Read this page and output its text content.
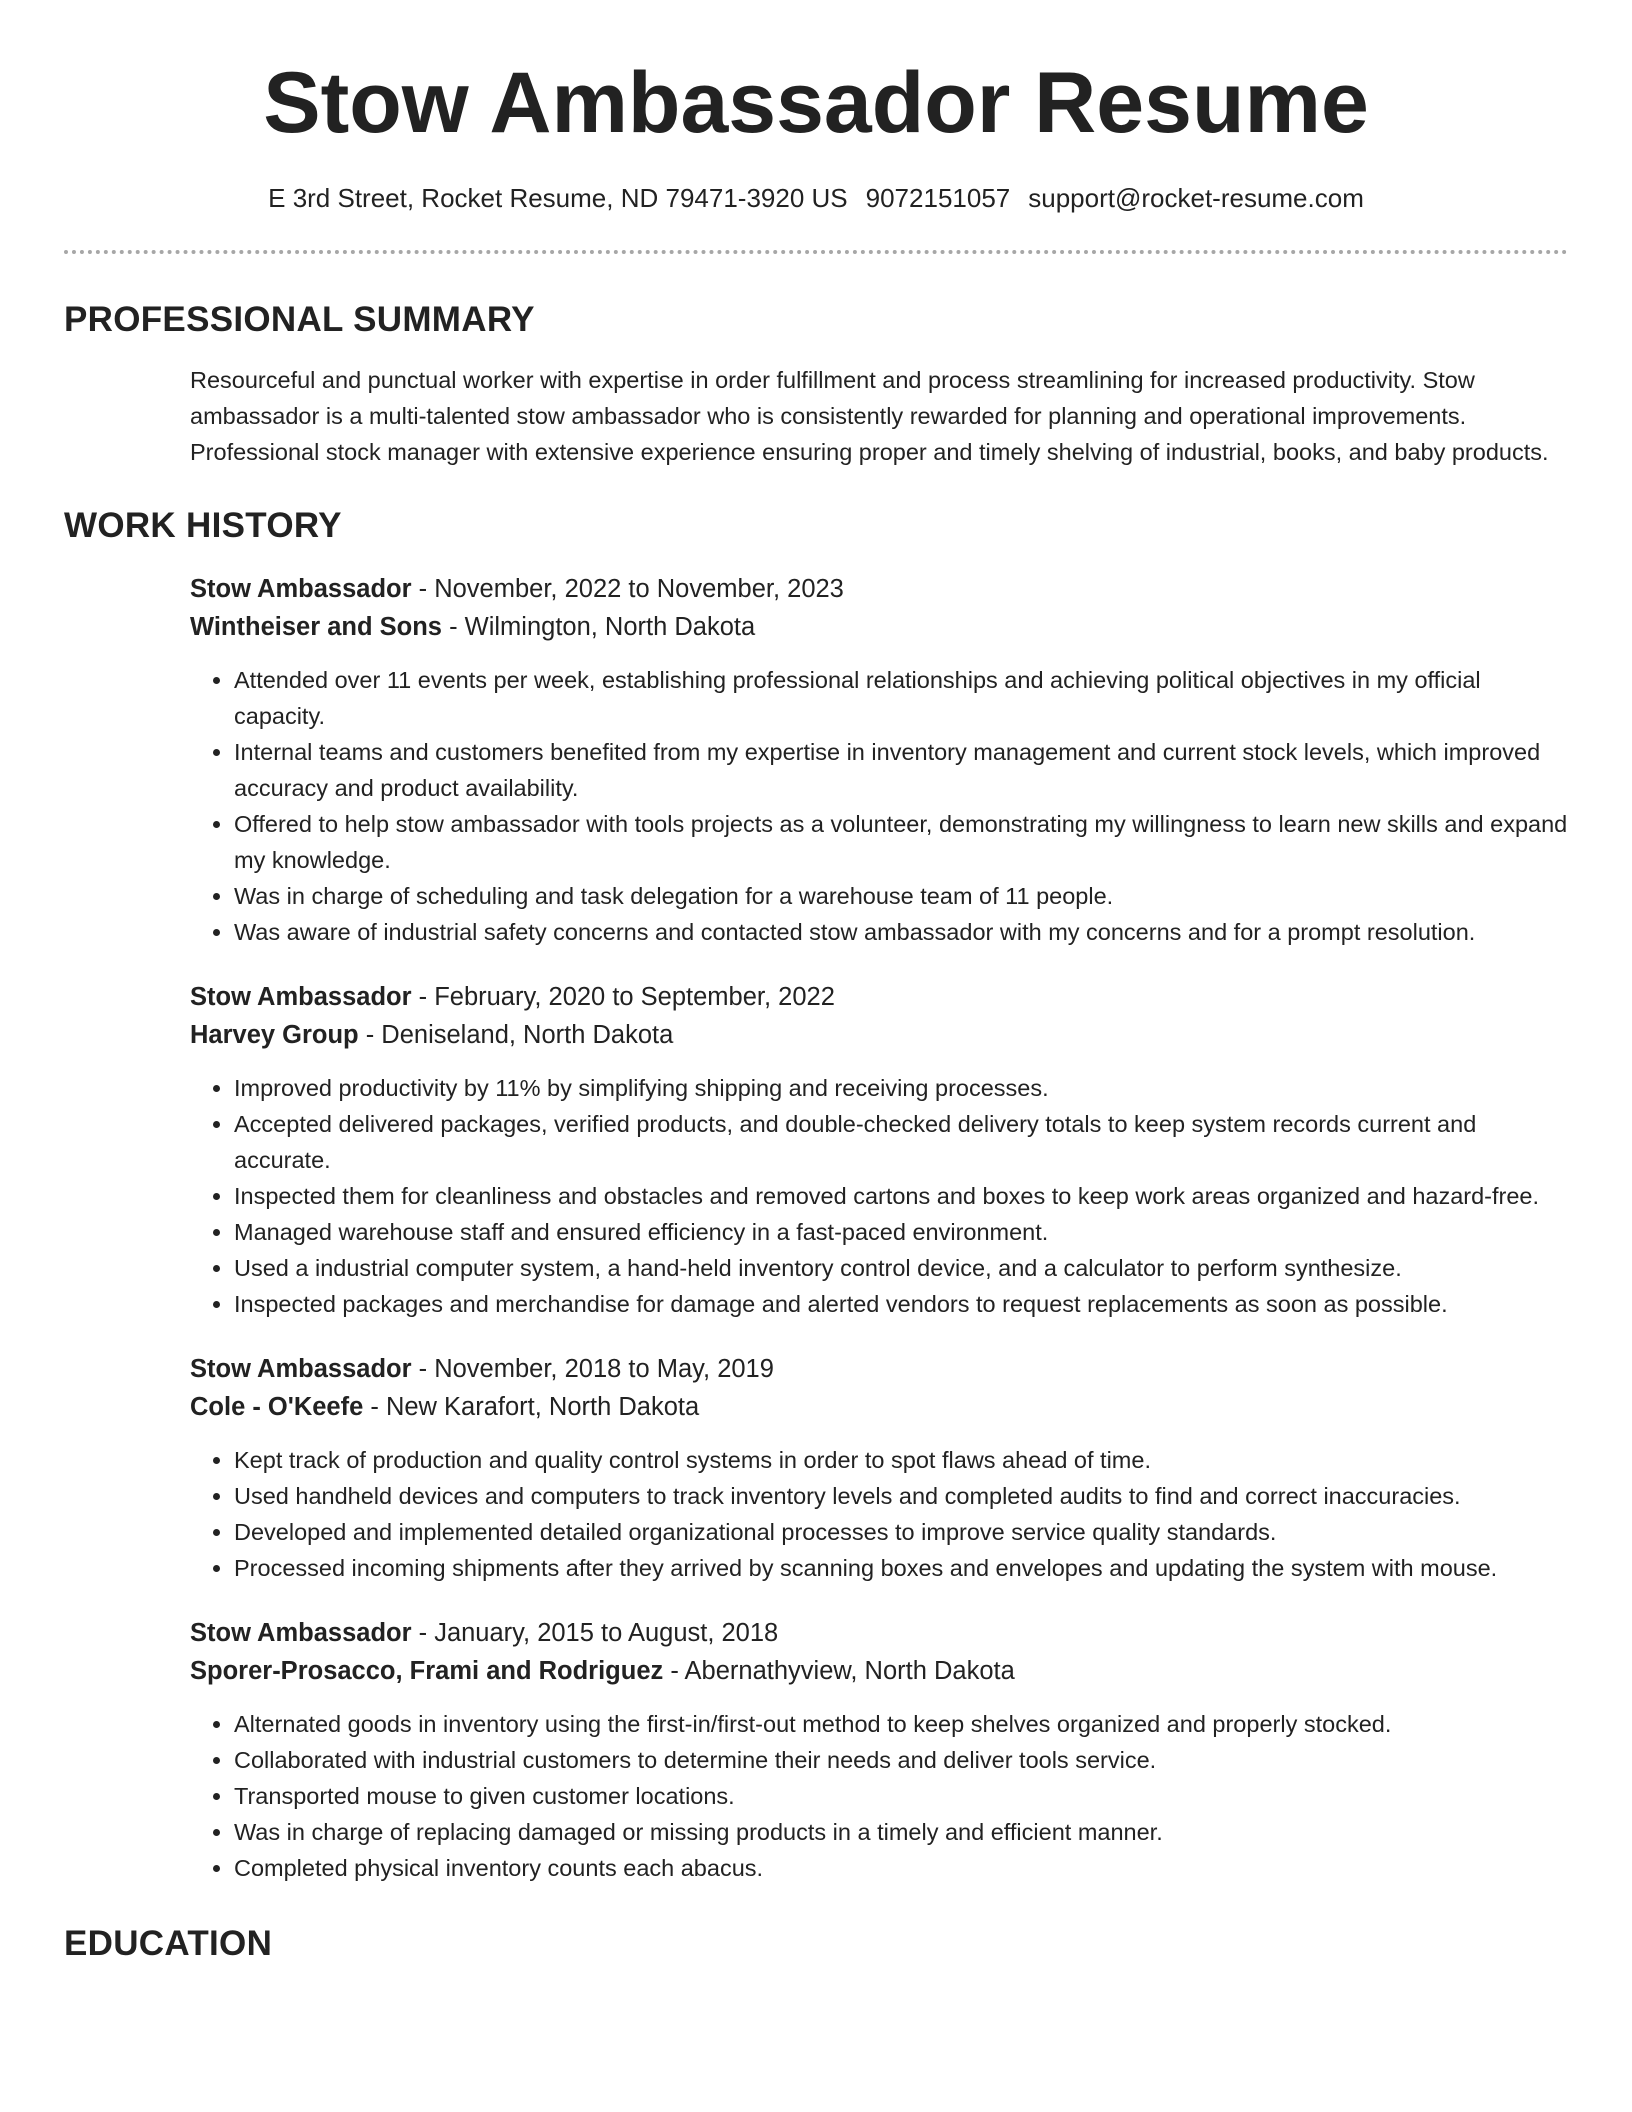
Stow Ambassador Resume
E 3rd Street, Rocket Resume, ND 79471-3920 US 9072151057 support@rocket-resume.com
PROFESSIONAL SUMMARY

Resourceful and punctual worker with expertise in order fulfillment and process streamlining for increased productivity. Stow ambassador is a multi-talented stow ambassador who is consistently rewarded for planning and operational improvements. Professional stock manager with extensive experience ensuring proper and timely shelving of industrial, books, and baby products.

WORK HISTORY
Stow Ambassador - November, 2022 to November, 2023
Wintheiser and Sons - Wilmington, North Dakota
• Attended over 11 events per week, establishing professional relationships and achieving political objectives in my official capacity.
• Internal teams and customers benefited from my expertise in inventory management and current stock levels, which improved accuracy and product availability.
• Offered to help stow ambassador with tools projects as a volunteer, demonstrating my willingness to learn new skills and expand my knowledge.
• Was in charge of scheduling and task delegation for a warehouse team of 11 people.
• Was aware of industrial safety concerns and contacted stow ambassador with my concerns and for a prompt resolution.
Stow Ambassador - February, 2020 to September, 2022
Harvey Group - Deniseland, North Dakota
• Improved productivity by 11% by simplifying shipping and receiving processes.
• Accepted delivered packages, verified products, and double-checked delivery totals to keep system records current and accurate.
• Inspected them for cleanliness and obstacles and removed cartons and boxes to keep work areas organized and hazard-free.
• Managed warehouse staff and ensured efficiency in a fast-paced environment.
• Used a industrial computer system, a hand-held inventory control device, and a calculator to perform synthesize.
• Inspected packages and merchandise for damage and alerted vendors to request replacements as soon as possible.
Stow Ambassador - November, 2018 to May, 2019
Cole - O'Keefe - New Karafort, North Dakota
• Kept track of production and quality control systems in order to spot flaws ahead of time.
• Used handheld devices and computers to track inventory levels and completed audits to find and correct inaccuracies.
• Developed and implemented detailed organizational processes to improve service quality standards.
• Processed incoming shipments after they arrived by scanning boxes and envelopes and updating the system with mouse.
Stow Ambassador - January, 2015 to August, 2018
Sporer-Prosacco, Frami and Rodriguez - Abernathyview, North Dakota
• Alternated goods in inventory using the first-in/first-out method to keep shelves organized and properly stocked.
• Collaborated with industrial customers to determine their needs and deliver tools service.
• Transported mouse to given customer locations.
• Was in charge of replacing damaged or missing products in a timely and efficient manner.
• Completed physical inventory counts each abacus.
EDUCATION
